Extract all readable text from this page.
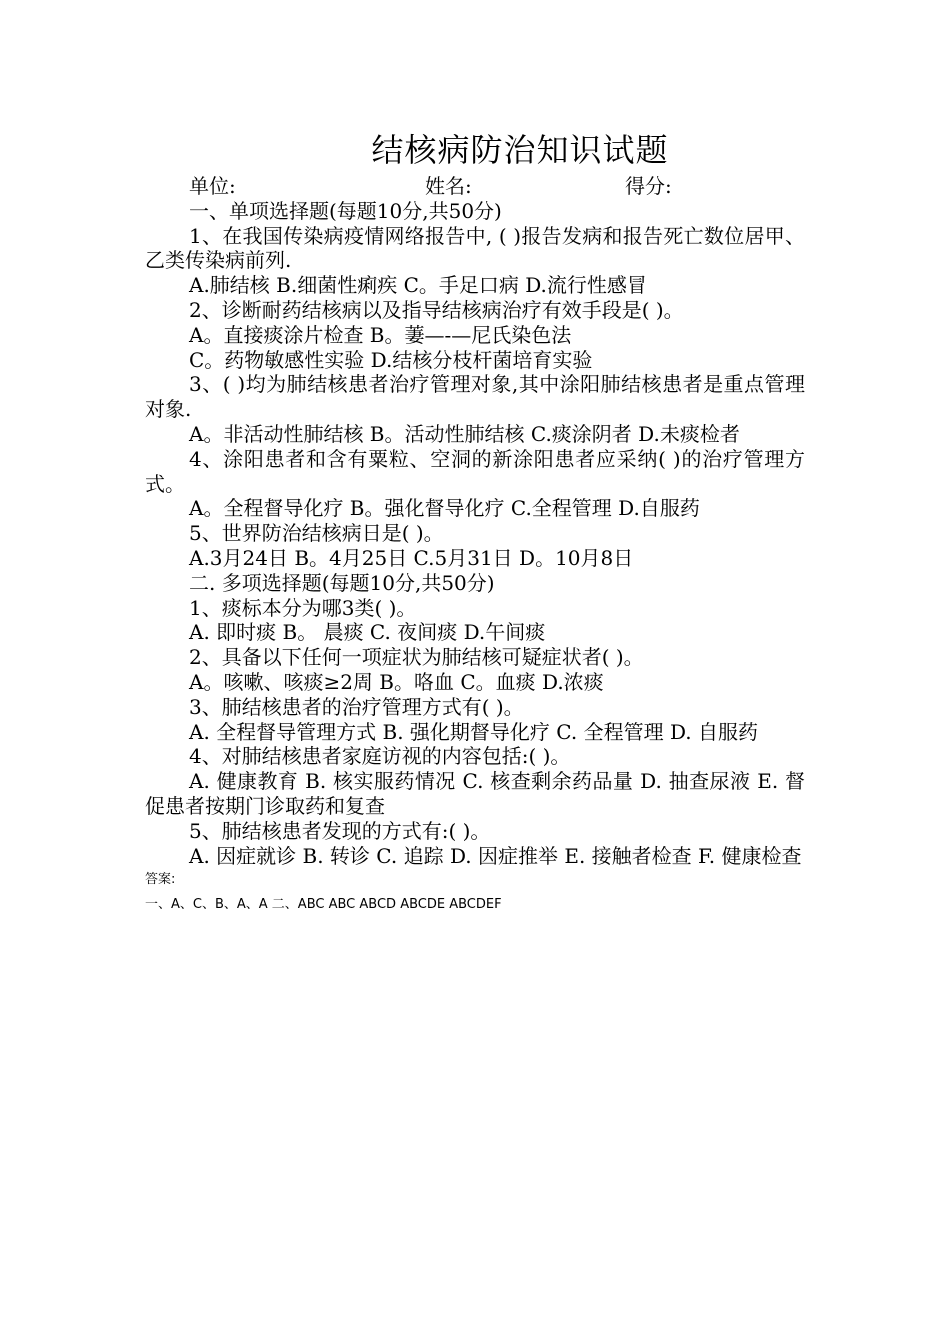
结核病防治知识试题
单位:	姓名:	得分:

一、单项选择题(每题10分,共50分)

1、在我国传染病疫情网络报告中, ( )报告发病和报告死亡数位居甲、乙类传染病前列.

A.肺结核 B.细菌性痢疾 C。手足口病 D.流行性感冒

2、诊断耐药结核病以及指导结核病治疗有效手段是( )。

A。直接痰涂片检查 B。萋—-—尼氏染色法

C。药物敏感性实验 D.结核分枝杆菌培育实验

3、( )均为肺结核患者治疗管理对象,其中涂阳肺结核患者是重点管理对象.

A。非活动性肺结核 B。活动性肺结核 C.痰涂阴者 D.未痰检者

4、涂阳患者和含有粟粒、空洞的新涂阳患者应采纳( )的治疗管理方式。

A。全程督导化疗 B。强化督导化疗 C.全程管理 D.自服药

5、世界防治结核病日是( )。

A.3月24日 B。4月25日 C.5月31日 D。10月8日

二. 多项选择题(每题10分,共50分)

1、痰标本分为哪3类( )。

A. 即时痰 B。 晨痰 C. 夜间痰 D.午间痰

2、具备以下任何一项症状为肺结核可疑症状者( )。

A。咳嗽、咳痰≥2周 B。咯血 C。血痰 D.浓痰

3、肺结核患者的治疗管理方式有( )。

A. 全程督导管理方式 B. 强化期督导化疗 C. 全程管理 D. 自服药

4、对肺结核患者家庭访视的内容包括:( )。

A. 健康教育 B. 核实服药情况 C. 核查剩余药品量 D. 抽查尿液 E. 督促患者按期门诊取药和复查

5、肺结核患者发现的方式有:( )。

A. 因症就诊 B. 转诊 C. 追踪 D. 因症推举 E. 接触者检查 F. 健康检查

答案:

一、A、C、B、A、A 二、ABC ABC ABCD ABCDE ABCDEF
